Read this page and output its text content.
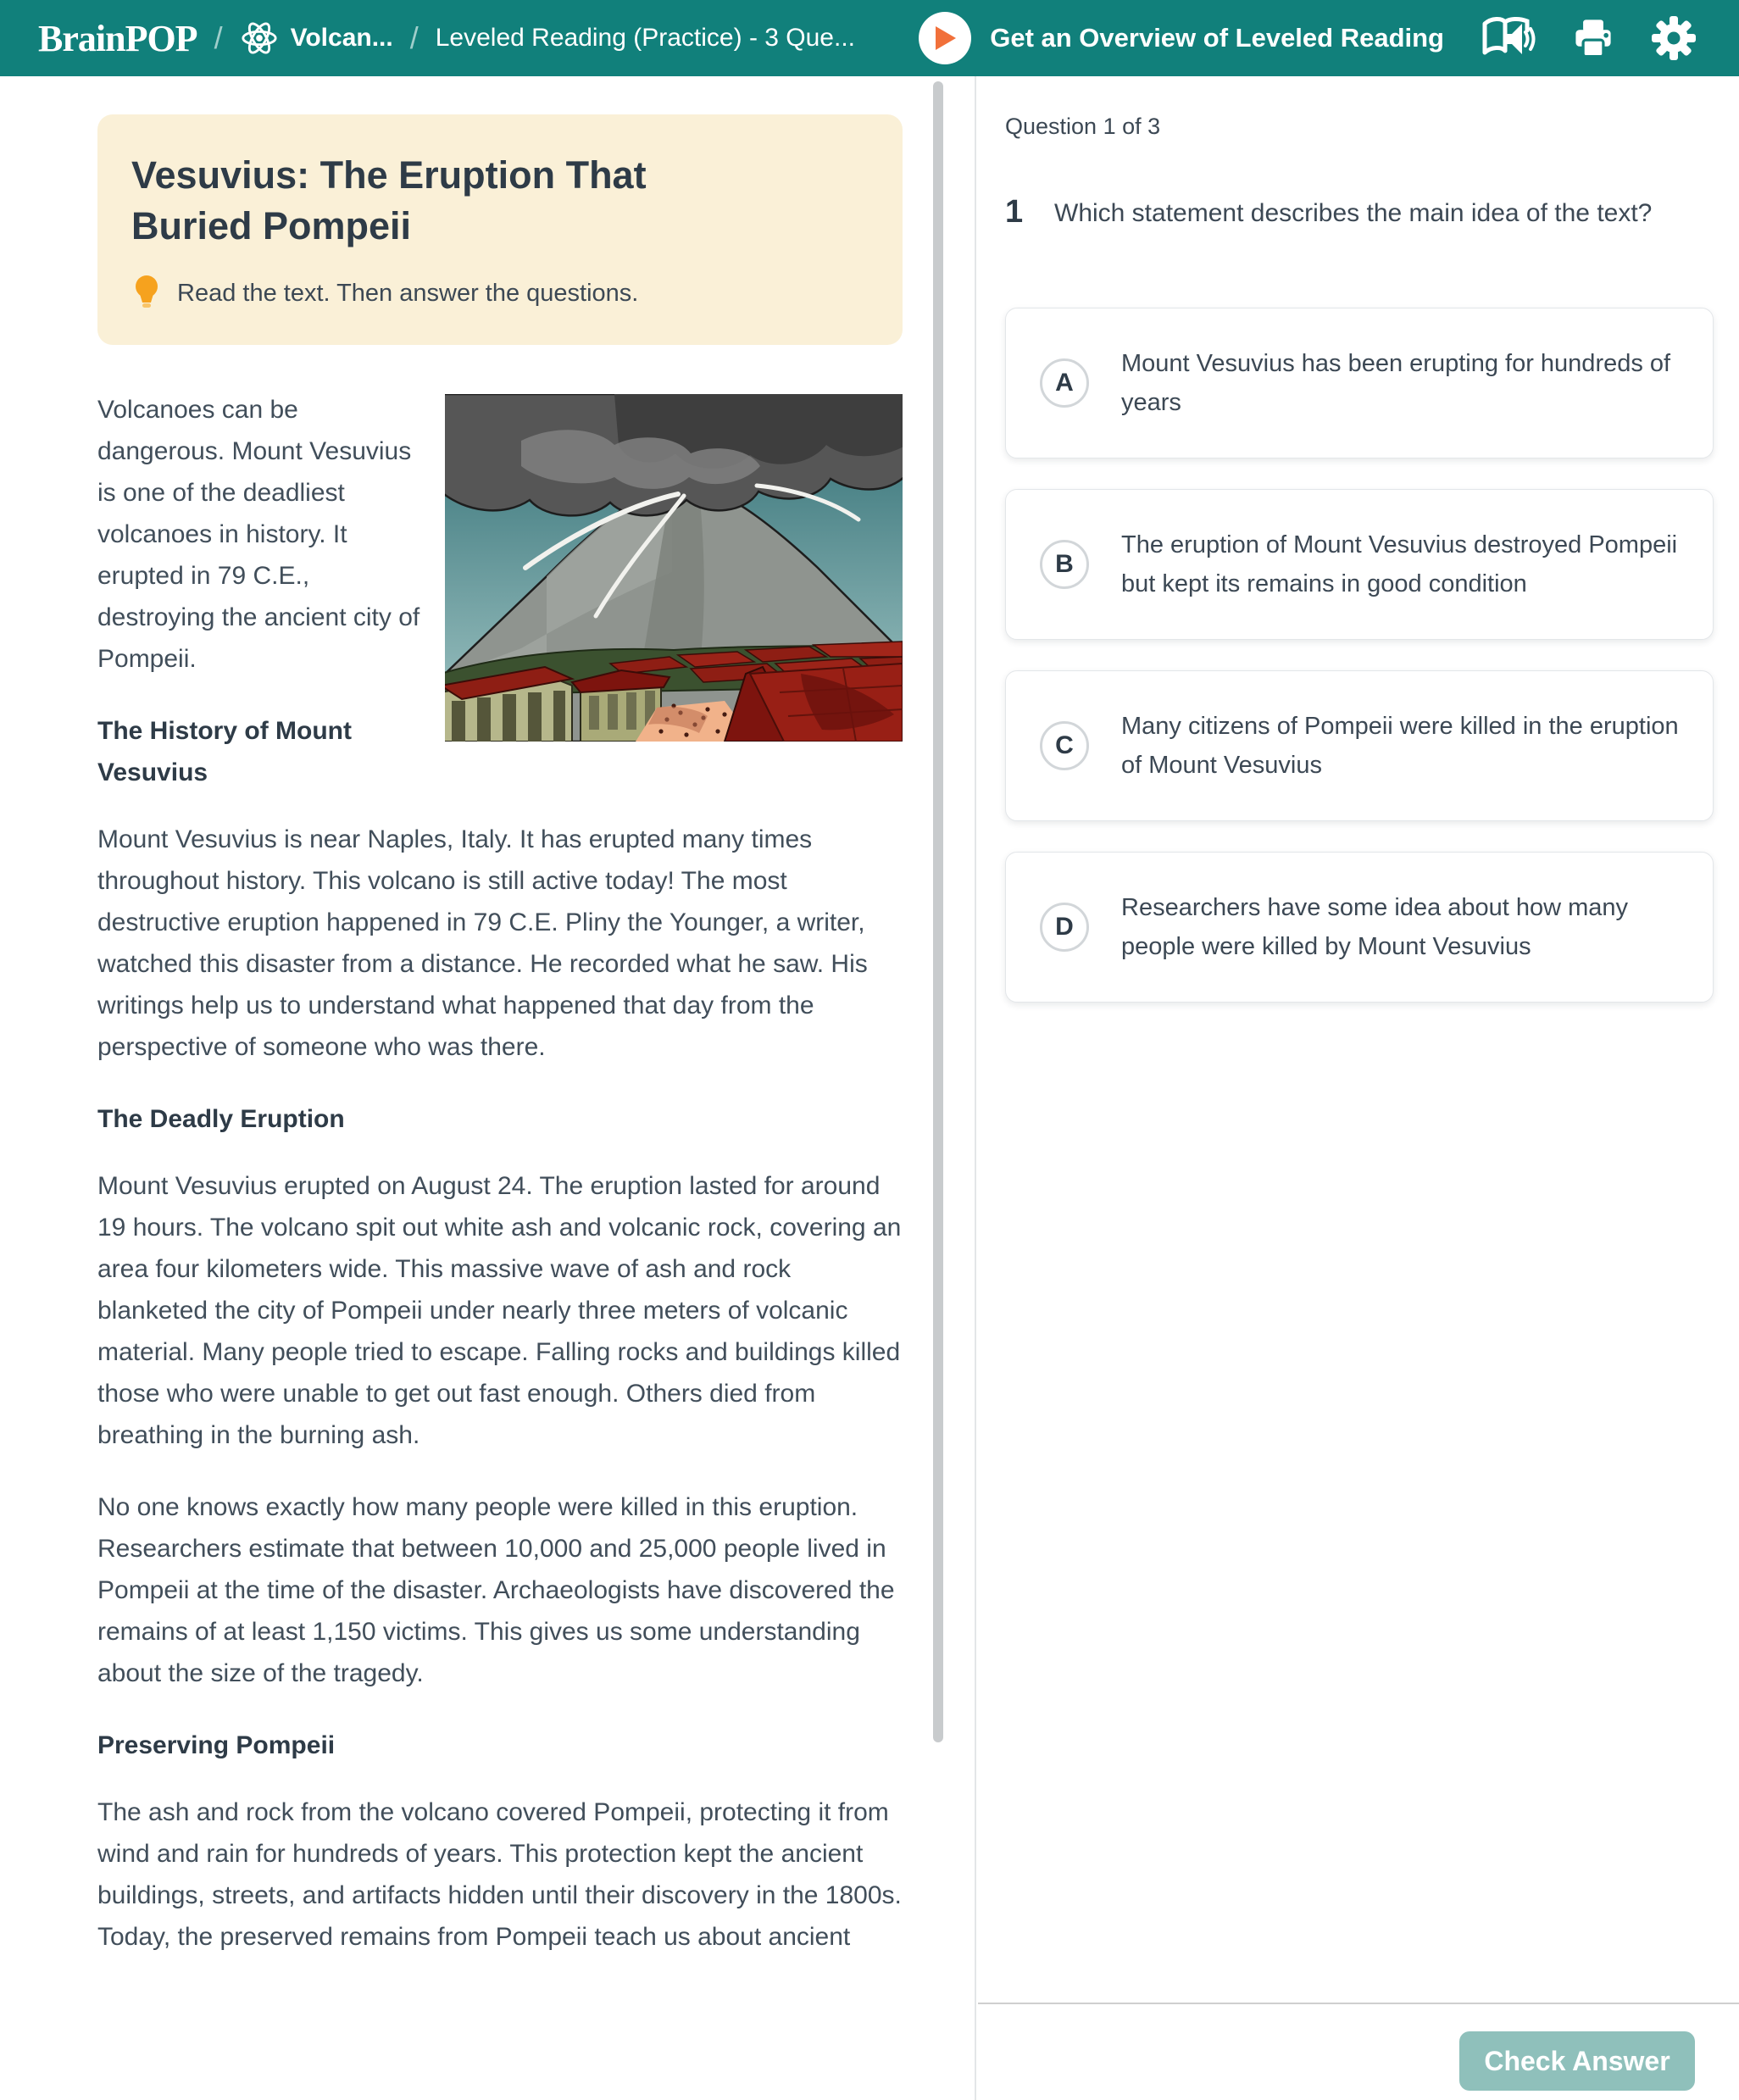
BrainPOP /	Volcan... / Leveled Reading (Practice) - 3 Que...	Get an Overview of Leveled Reading
Vesuvius: The Eruption That Buried Pompeii
Read the text. Then answer the questions.

Volcanoes can be dangerous. Mount Vesuvius is one of the deadliest volcanoes in history. It erupted in 79 C.E., destroying the ancient city of Pompeii.

The History of Mount Vesuvius

Mount Vesuvius is near Naples, Italy. It has erupted many times throughout history. This volcano is still active today! The most destructive eruption happened in 79 C.E. Pliny the Younger, a writer, watched this disaster from a distance. He recorded what he saw. His writings help us to understand what happened that day from the perspective of someone who was there.

The Deadly Eruption

Mount Vesuvius erupted on August 24. The eruption lasted for around 19 hours. The volcano spit out white ash and volcanic rock, covering an area four kilometers wide. This massive wave of ash and rock blanketed the city of Pompeii under nearly three meters of volcanic material. Many people tried to escape. Falling rocks and buildings killed those who were unable to get out fast enough. Others died from breathing in the burning ash.

No one knows exactly how many people were killed in this eruption. Researchers estimate that between 10,000 and 25,000 people lived in Pompeii at the time of the disaster. Archaeologists have discovered the remains of at least 1,150 victims. This gives us some understanding about the size of the tragedy.

Preserving Pompeii

The ash and rock from the volcano covered Pompeii, protecting it from wind and rain for hundreds of years. This protection kept the ancient buildings, streets, and artifacts hidden until their discovery in the 1800s. Today, the preserved remains from Pompeii teach us about ancient

Question 1 of 3
1	Which statement describes the main idea of the text?
A
Mount Vesuvius has been erupting for hundreds of years
B
The eruption of Mount Vesuvius destroyed Pompeii but kept its remains in good condition
C
Many citizens of Pompeii were killed in the eruption of Mount Vesuvius
D
Researchers have some idea about how many people were killed by Mount Vesuvius
Check Answer
